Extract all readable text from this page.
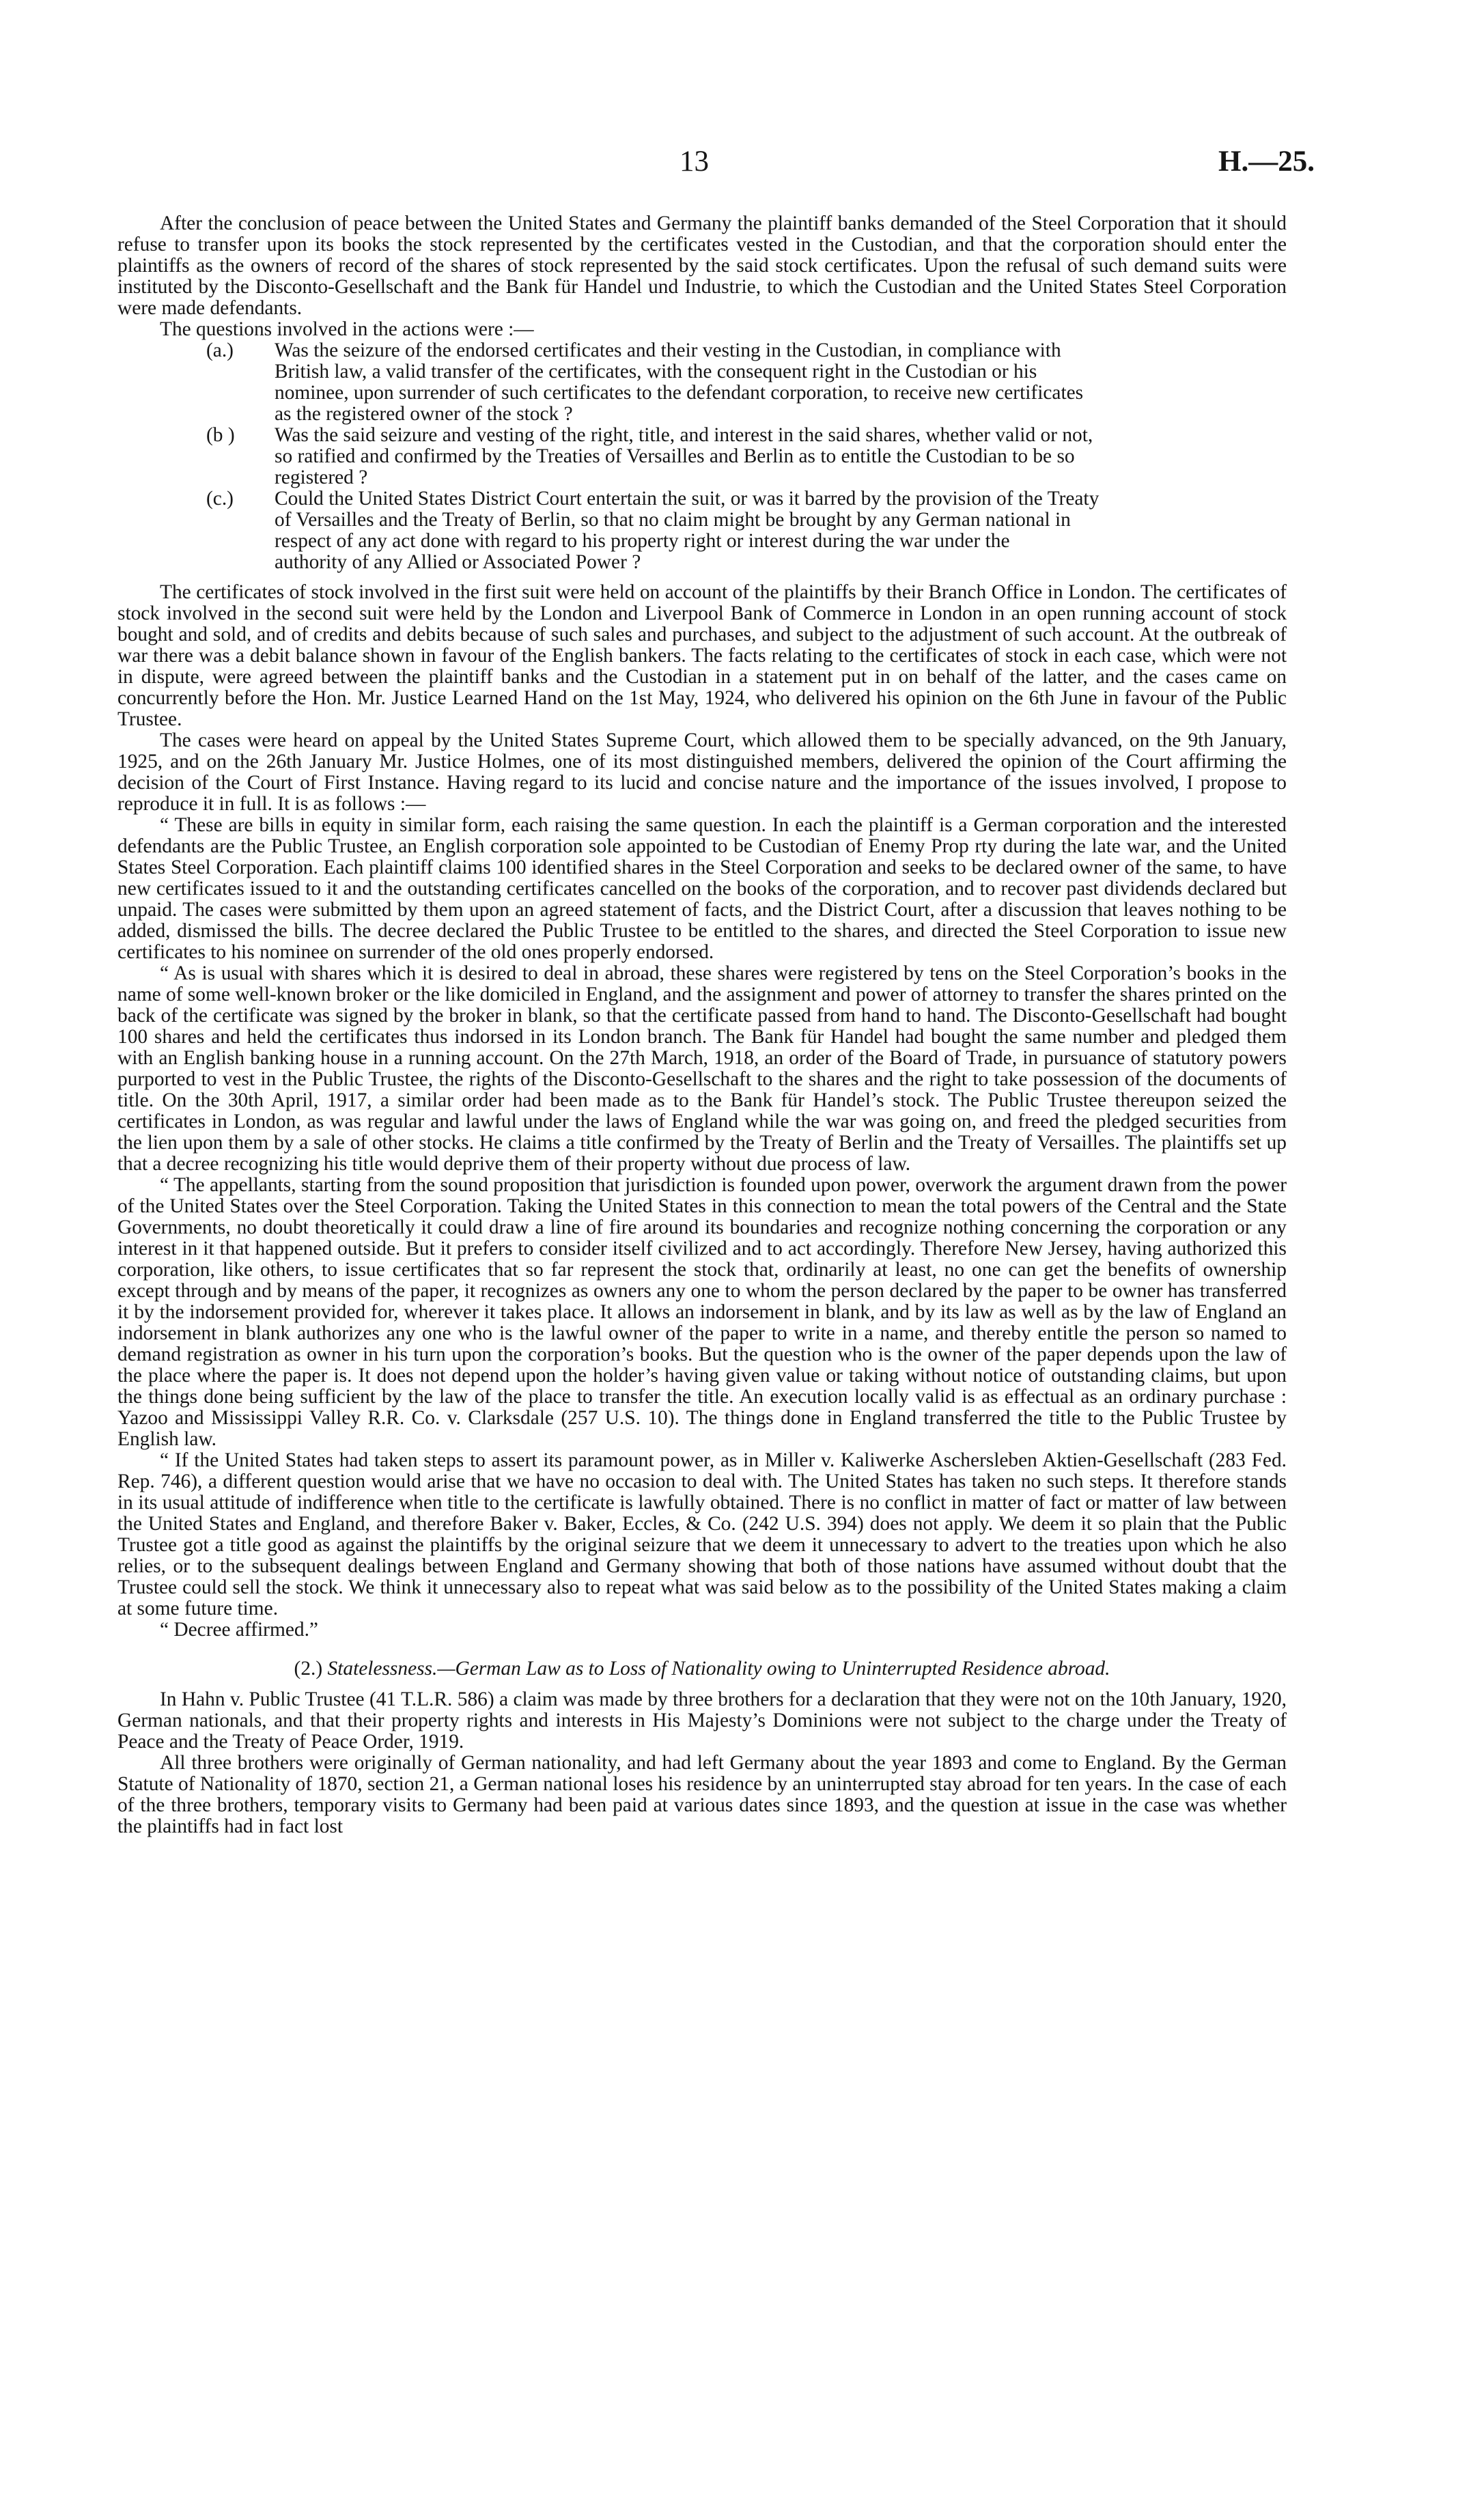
13	H.—25.

After the conclusion of peace between the United States and Germany the plaintiff banks demanded of the Steel Corporation that it should refuse to transfer upon its books the stock represented by the certificates vested in the Custodian, and that the corporation should enter the plaintiffs as the owners of record of the shares of stock represented by the said stock certificates. Upon the refusal of such demand suits were instituted by the Disconto-Gesellschaft and the Bank für Handel und Industrie, to which the Custodian and the United States Steel Corporation were made defendants.

The questions involved in the actions were :—

(a.)	Was the seizure of the endorsed certificates and their vesting in the Custodian, in compliance with
British law, a valid transfer of the certificates, with the consequent right in the Custodian or his
nominee, upon surrender of such certificates to the defendant corporation, to receive new certificates
as the registered owner of the stock ?
(b )	Was the said seizure and vesting of the right, title, and interest in the said shares, whether valid or not,
so ratified and confirmed by the Treaties of Versailles and Berlin as to entitle the Custodian to be so
registered ?
(c.)	Could the United States District Court entertain the suit, or was it barred by the provision of the Treaty
of Versailles and the Treaty of Berlin, so that no claim might be brought by any German national in
respect of any act done with regard to his property right or interest during the war under the
authority of any Allied or Associated Power ?

The certificates of stock involved in the first suit were held on account of the plaintiffs by their Branch Office in London. The certificates of stock involved in the second suit were held by the London and Liverpool Bank of Commerce in London in an open running account of stock bought and sold, and of credits and debits because of such sales and purchases, and subject to the adjustment of such account. At the outbreak of war there was a debit balance shown in favour of the English bankers. The facts relating to the certificates of stock in each case, which were not in dispute, were agreed between the plaintiff banks and the Custodian in a statement put in on behalf of the latter, and the cases came on concurrently before the Hon. Mr. Justice Learned Hand on the 1st May, 1924, who delivered his opinion on the 6th June in favour of the Public Trustee.

The cases were heard on appeal by the United States Supreme Court, which allowed them to be specially advanced, on the 9th January, 1925, and on the 26th January Mr. Justice Holmes, one of its most distinguished members, delivered the opinion of the Court affirming the decision of the Court of First Instance. Having regard to its lucid and concise nature and the importance of the issues involved, I propose to reproduce it in full. It is as follows :—

“ These are bills in equity in similar form, each raising the same question. In each the plaintiff is a German corporation and the interested defendants are the Public Trustee, an English corporation sole appointed to be Custodian of Enemy Prop rty during the late war, and the United States Steel Corporation. Each plaintiff claims 100 identified shares in the Steel Corporation and seeks to be declared owner of the same, to have new certificates issued to it and the outstanding certificates cancelled on the books of the corporation, and to recover past dividends declared but unpaid. The cases were submitted by them upon an agreed statement of facts, and the District Court, after a discussion that leaves nothing to be added, dismissed the bills. The decree declared the Public Trustee to be entitled to the shares, and directed the Steel Corporation to issue new certificates to his nominee on surrender of the old ones properly endorsed.

“ As is usual with shares which it is desired to deal in abroad, these shares were registered by tens on the Steel Corporation’s books in the name of some well-known broker or the like domiciled in England, and the assignment and power of attorney to transfer the shares printed on the back of the certificate was signed by the broker in blank, so that the certificate passed from hand to hand. The Disconto-Gesellschaft had bought 100 shares and held the certificates thus indorsed in its London branch. The Bank für Handel had bought the same number and pledged them with an English banking house in a running account. On the 27th March, 1918, an order of the Board of Trade, in pursuance of statutory powers purported to vest in the Public Trustee, the rights of the Disconto-Gesellschaft to the shares and the right to take possession of the documents of title. On the 30th April, 1917, a similar order had been made as to the Bank für Handel’s stock. The Public Trustee thereupon seized the certificates in London, as was regular and lawful under the laws of England while the war was going on, and freed the pledged securities from the lien upon them by a sale of other stocks. He claims a title confirmed by the Treaty of Berlin and the Treaty of Versailles. The plaintiffs set up that a decree recognizing his title would deprive them of their property without due process of law.

“ The appellants, starting from the sound proposition that jurisdiction is founded upon power, overwork the argument drawn from the power of the United States over the Steel Corporation. Taking the United States in this connection to mean the total powers of the Central and the State Governments, no doubt theoretically it could draw a line of fire around its boundaries and recognize nothing concerning the corporation or any interest in it that happened outside. But it prefers to consider itself civilized and to act accordingly. Therefore New Jersey, having authorized this corporation, like others, to issue certificates that so far represent the stock that, ordinarily at least, no one can get the benefits of ownership except through and by means of the paper, it recognizes as owners any one to whom the person declared by the paper to be owner has transferred it by the indorsement provided for, wherever it takes place. It allows an indorsement in blank, and by its law as well as by the law of England an indorsement in blank authorizes any one who is the lawful owner of the paper to write in a name, and thereby entitle the person so named to demand registration as owner in his turn upon the corporation’s books. But the question who is the owner of the paper depends upon the law of the place where the paper is. It does not depend upon the holder’s having given value or taking without notice of outstanding claims, but upon the things done being sufficient by the law of the place to transfer the title. An execution locally valid is as effectual as an ordinary purchase : Yazoo and Mississippi Valley R.R. Co. v. Clarksdale (257 U.S. 10). The things done in England transferred the title to the Public Trustee by English law.

“ If the United States had taken steps to assert its paramount power, as in Miller v. Kaliwerke Aschersleben Aktien-Gesellschaft (283 Fed. Rep. 746), a different question would arise that we have no occasion to deal with. The United States has taken no such steps. It therefore stands in its usual attitude of indifference when title to the certificate is lawfully obtained. There is no conflict in matter of fact or matter of law between the United States and England, and therefore Baker v. Baker, Eccles, & Co. (242 U.S. 394) does not apply. We deem it so plain that the Public Trustee got a title good as against the plaintiffs by the original seizure that we deem it unnecessary to advert to the treaties upon which he also relies, or to the subsequent dealings between England and Germany showing that both of those nations have assumed without doubt that the Trustee could sell the stock. We think it unnecessary also to repeat what was said below as to the possibility of the United States making a claim at some future time.

“ Decree affirmed.”

(2.) Statelessness.—German Law as to Loss of Nationality owing to Uninterrupted Residence abroad.

In Hahn v. Public Trustee (41 T.L.R. 586) a claim was made by three brothers for a declaration that they were not on the 10th January, 1920, German nationals, and that their property rights and interests in His Majesty’s Dominions were not subject to the charge under the Treaty of Peace and the Treaty of Peace Order, 1919.

All three brothers were originally of German nationality, and had left Germany about the year 1893 and come to England. By the German Statute of Nationality of 1870, section 21, a German national loses his residence by an uninterrupted stay abroad for ten years. In the case of each of the three brothers, temporary visits to Germany had been paid at various dates since 1893, and the question at issue in the case was whether the plaintiffs had in fact lost
